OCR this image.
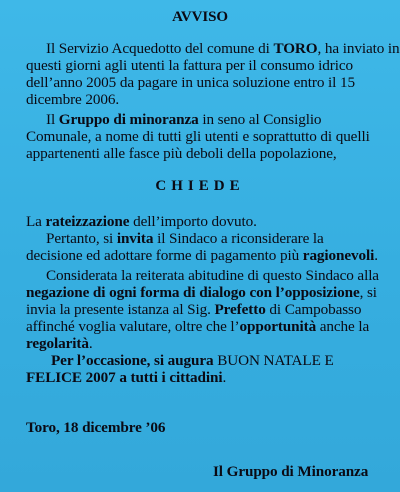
AVVISO
Il Servizio Acquedotto del comune di TORO, ha inviato in
questi giorni agli utenti la fattura per il consumo idrico
dell’anno 2005 da pagare in unica soluzione entro il 15
dicembre 2006.
Il Gruppo di minoranza in seno al Consiglio
Comunale, a nome di tutti gli utenti e soprattutto di quelli
appartenenti alle fasce più deboli della popolazione,
CHIEDE
La rateizzazione dell’importo dovuto.
Pertanto, si invita il Sindaco a riconsiderare la
decisione ed adottare forme di pagamento più ragionevoli.
Considerata la reiterata abitudine di questo Sindaco alla
negazione di ogni forma di dialogo con l’opposizione, si
invia la presente istanza al Sig. Prefetto di Campobasso
affinché voglia valutare, oltre che l’opportunità anche la
regolarità.
Per l’occasione, si augura BUON NATALE E
FELICE 2007 a tutti i cittadini.
Toro, 18 dicembre ’06
Il Gruppo di Minoranza
